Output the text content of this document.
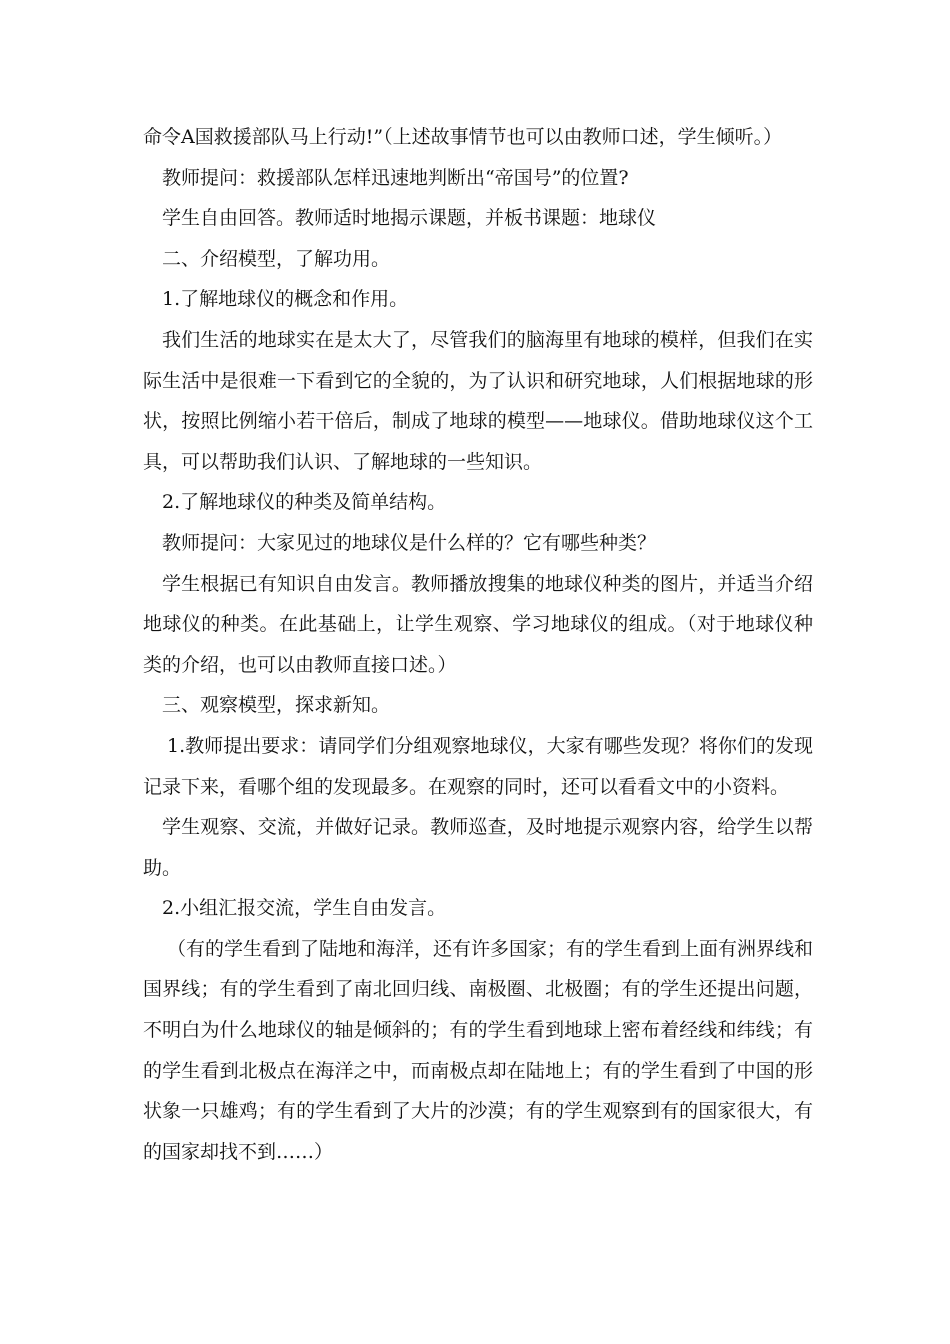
命令A国救援部队马上行动!”（上述故事情节也可以由教师口述，学生倾听。）

教师提问：救援部队怎样迅速地判断出“帝国号”的位置?

学生自由回答。教师适时地揭示课题，并板书课题：地球仪

二、介绍模型，了解功用。

1.了解地球仪的概念和作用。

我们生活的地球实在是太大了，尽管我们的脑海里有地球的模样，但我们在实际生活中是很难一下看到它的全貌的，为了认识和研究地球，人们根据地球的形状，按照比例缩小若干倍后，制成了地球的模型——地球仪。借助地球仪这个工具，可以帮助我们认识、了解地球的一些知识。

2.了解地球仪的种类及简单结构。

教师提问：大家见过的地球仪是什么样的？它有哪些种类？

学生根据已有知识自由发言。教师播放搜集的地球仪种类的图片，并适当介绍地球仪的种类。在此基础上，让学生观察、学习地球仪的组成。（对于地球仪种类的介绍，也可以由教师直接口述。）

三、观察模型，探求新知。

1.教师提出要求：请同学们分组观察地球仪，大家有哪些发现？将你们的发现记录下来，看哪个组的发现最多。在观察的同时，还可以看看文中的小资料。

学生观察、交流，并做好记录。教师巡查，及时地提示观察内容，给学生以帮助。

2.小组汇报交流，学生自由发言。

（有的学生看到了陆地和海洋，还有许多国家；有的学生看到上面有洲界线和国界线；有的学生看到了南北回归线、南极圈、北极圈；有的学生还提出问题，不明白为什么地球仪的轴是倾斜的；有的学生看到地球上密布着经线和纬线；有的学生看到北极点在海洋之中，而南极点却在陆地上；有的学生看到了中国的形状象一只雄鸡；有的学生看到了大片的沙漠；有的学生观察到有的国家很大，有的国家却找不到……）
